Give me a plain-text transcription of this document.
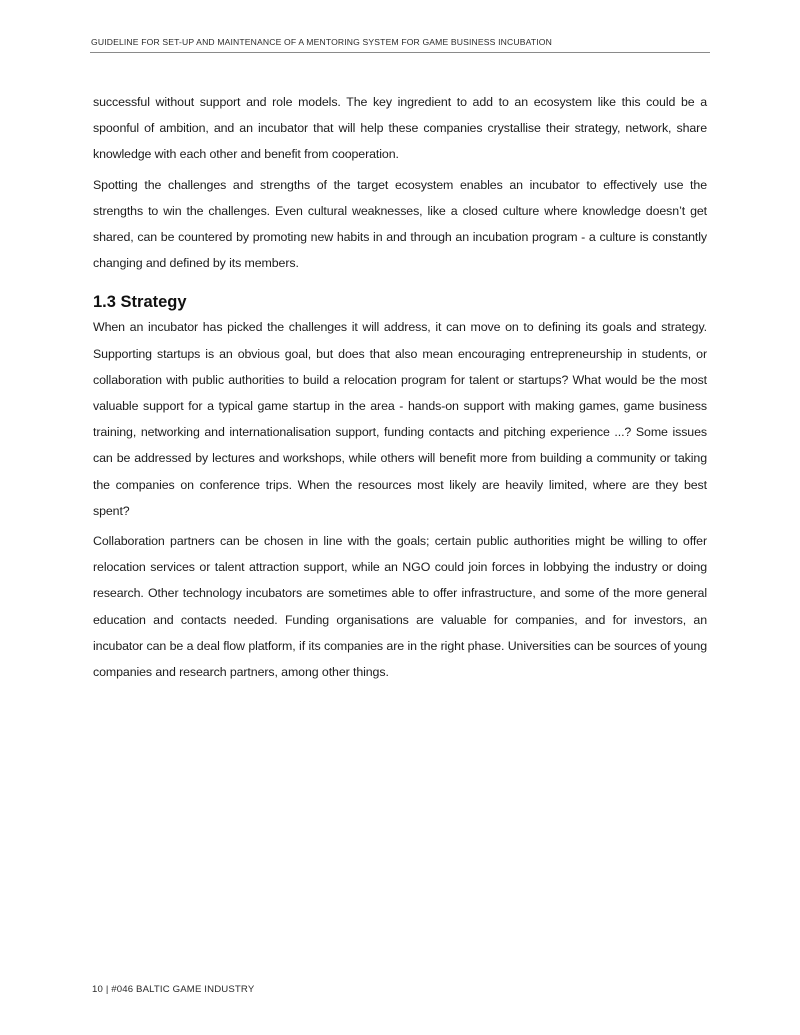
GUIDELINE FOR SET-UP AND MAINTENANCE OF A MENTORING SYSTEM FOR GAME BUSINESS INCUBATION

successful without support and role models. The key ingredient to add to an ecosystem like this could be a spoonful of ambition, and an incubator that will help these companies crystallise their strategy, network, share knowledge with each other and benefit from cooperation.

Spotting the challenges and strengths of the target ecosystem enables an incubator to effectively use the strengths to win the challenges. Even cultural weaknesses, like a closed culture where knowledge doesn’t get shared, can be countered by promoting new habits in and through an incubation program - a culture is constantly changing and defined by its members.

1.3 Strategy

When an incubator has picked the challenges it will address, it can move on to defining its goals and strategy. Supporting startups is an obvious goal, but does that also mean encouraging entrepreneurship in students, or collaboration with public authorities to build a relocation program for talent or startups? What would be the most valuable support for a typical game startup in the area - hands-on support with making games, game business training, networking and internationalisation support, funding contacts and pitching experience ...? Some issues can be addressed by lectures and workshops, while others will benefit more from building a community or taking the companies on conference trips. When the resources most likely are heavily limited, where are they best spent?

Collaboration partners can be chosen in line with the goals; certain public authorities might be willing to offer relocation services or talent attraction support, while an NGO could join forces in lobbying the industry or doing research. Other technology incubators are sometimes able to offer infrastructure, and some of the more general education and contacts needed. Funding organisations are valuable for companies, and for investors, an incubator can be a deal flow platform, if its companies are in the right phase. Universities can be sources of young companies and research partners, among other things.

10 | #046 BALTIC GAME INDUSTRY
